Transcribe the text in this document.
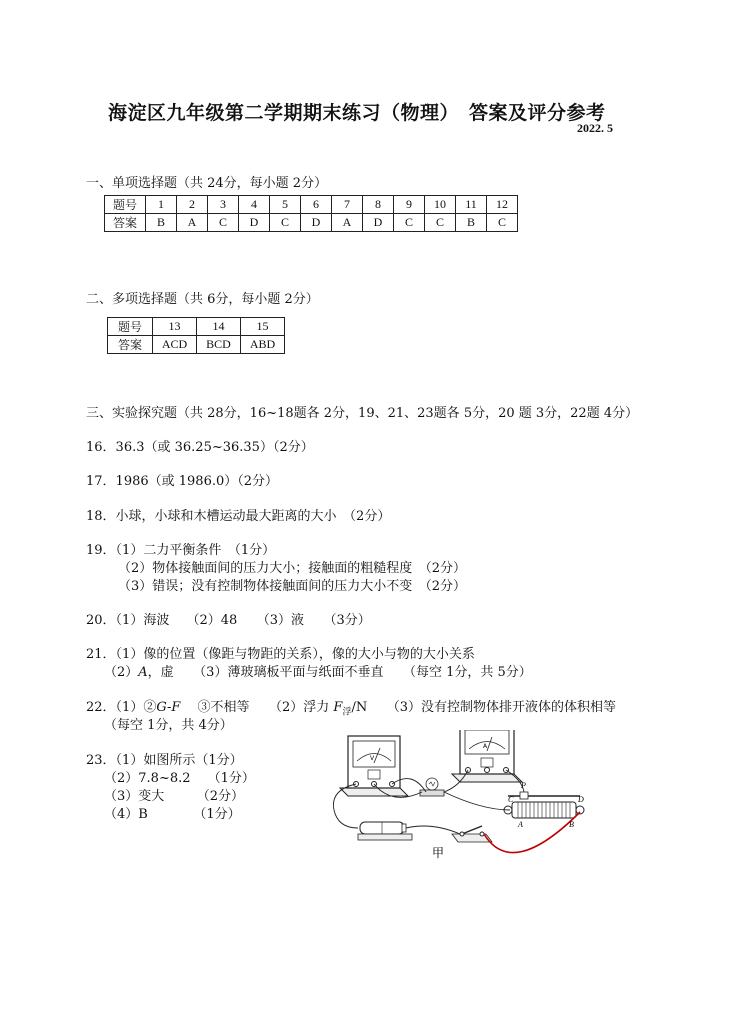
海淀区九年级第二学期期末练习（物理）　答案及评分参考
2022. 5
一、单项选择题（共 24分，每小题 2分）
题号	1	2	3	4	5	6	7	8	9	10	11	12
答案	B	A	C	D	C	D	A	D	C	C	B	C
二、多项选择题（共 6分，每小题 2分）
题号	13	14	15
答案	ACD	BCD	ABD
三、实验探究题（共 28分，16~18题各 2分，19、21、23题各 5分，20 题 3分，22题 4分）
16．36.3（或 36.25~36.35）（2分）
17．1986（或 1986.0）（2分）
18．小球，小球和木槽运动最大距离的大小　（2分）
19．（1）二力平衡条件　（1分）
（2）物体接触面间的压力大小；接触面的粗糙程度　（2分）
（3）错误；没有控制物体接触面间的压力大小不变　（2分）
20．（1）海波　 （2）48　　（3）液　　（3分）
21．（1）像的位置（像距与物距的关系），像的大小与物的大小关系
（2）A，虚　　（3）薄玻璃板平面与纸面不垂直　　（每空 1分，共 5分）
22．（1）②G-F　 ③不相等　　（2）浮力 $F_浮/N$　　（3）没有控制物体排开液体的体积相等
（每空 1分，共 4分）
23．（1）如图所示（1分）
（2）7.8~8.2　 （1分）
（3）变大　　　（2分）
（4）B　　　　（1分）
V
A
P
A	B
C	D
甲
